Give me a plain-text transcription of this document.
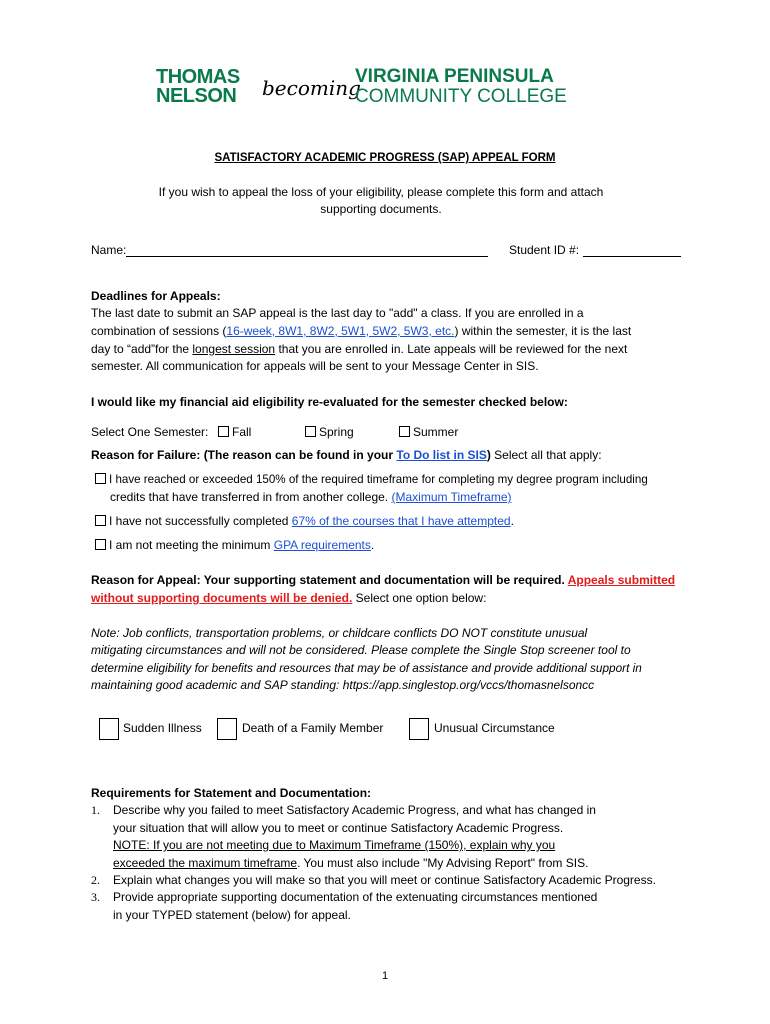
THOMAS
NELSON becoming
VIRGINIA PENINSULA
COMMUNITY COLLEGE
SATISFACTORY ACADEMIC PROGRESS (SAP) APPEAL FORM
If you wish to appeal the loss of your eligibility, please complete this form and attach
supporting documents.
Name:	Student ID #:
Deadlines for Appeals:
The last date to submit an SAP appeal is the last day to "add" a class. If you are enrolled in a
combination of sessions (16-week, 8W1, 8W2, 5W1, 5W2, 5W3, etc.) within the semester, it is the last
day to “add”for the longest session that you are enrolled in. Late appeals will be reviewed for the next
semester. All communication for appeals will be sent to your Message Center in SIS.
I would like my financial aid eligibility re-evaluated for the semester checked below:
Select One Semester:	Fall	Spring	Summer
Reason for Failure: (The reason can be found in your To Do list in SIS) Select all that apply:
I have reached or exceeded 150% of the required timeframe for completing my degree program including
credits that have transferred in from another college. (Maximum Timeframe)
I have not successfully completed 67% of the courses that I have attempted.
I am not meeting the minimum GPA requirements.
Reason for Appeal: Your supporting statement and documentation will be required. Appeals submitted
without supporting documents will be denied. Select one option below:
Note: Job conflicts, transportation problems, or childcare conflicts DO NOT constitute unusual
mitigating circumstances and will not be considered. Please complete the Single Stop screener tool to
determine eligibility for benefits and resources that may be of assistance and provide additional support in
maintaining good academic and SAP standing: https://app.singlestop.org/vccs/thomasnelsoncc
Sudden Illness	Death of a Family Member	Unusual Circumstance
Requirements for Statement and Documentation:
1. Describe why you failed to meet Satisfactory Academic Progress, and what has changed in
your situation that will allow you to meet or continue Satisfactory Academic Progress.
NOTE: If you are not meeting due to Maximum Timeframe (150%), explain why you
exceeded the maximum timeframe. You must also include "My Advising Report" from SIS.
2. Explain what changes you will make so that you will meet or continue Satisfactory Academic Progress.
3. Provide appropriate supporting documentation of the extenuating circumstances mentioned
in your TYPED statement (below) for appeal.
1
